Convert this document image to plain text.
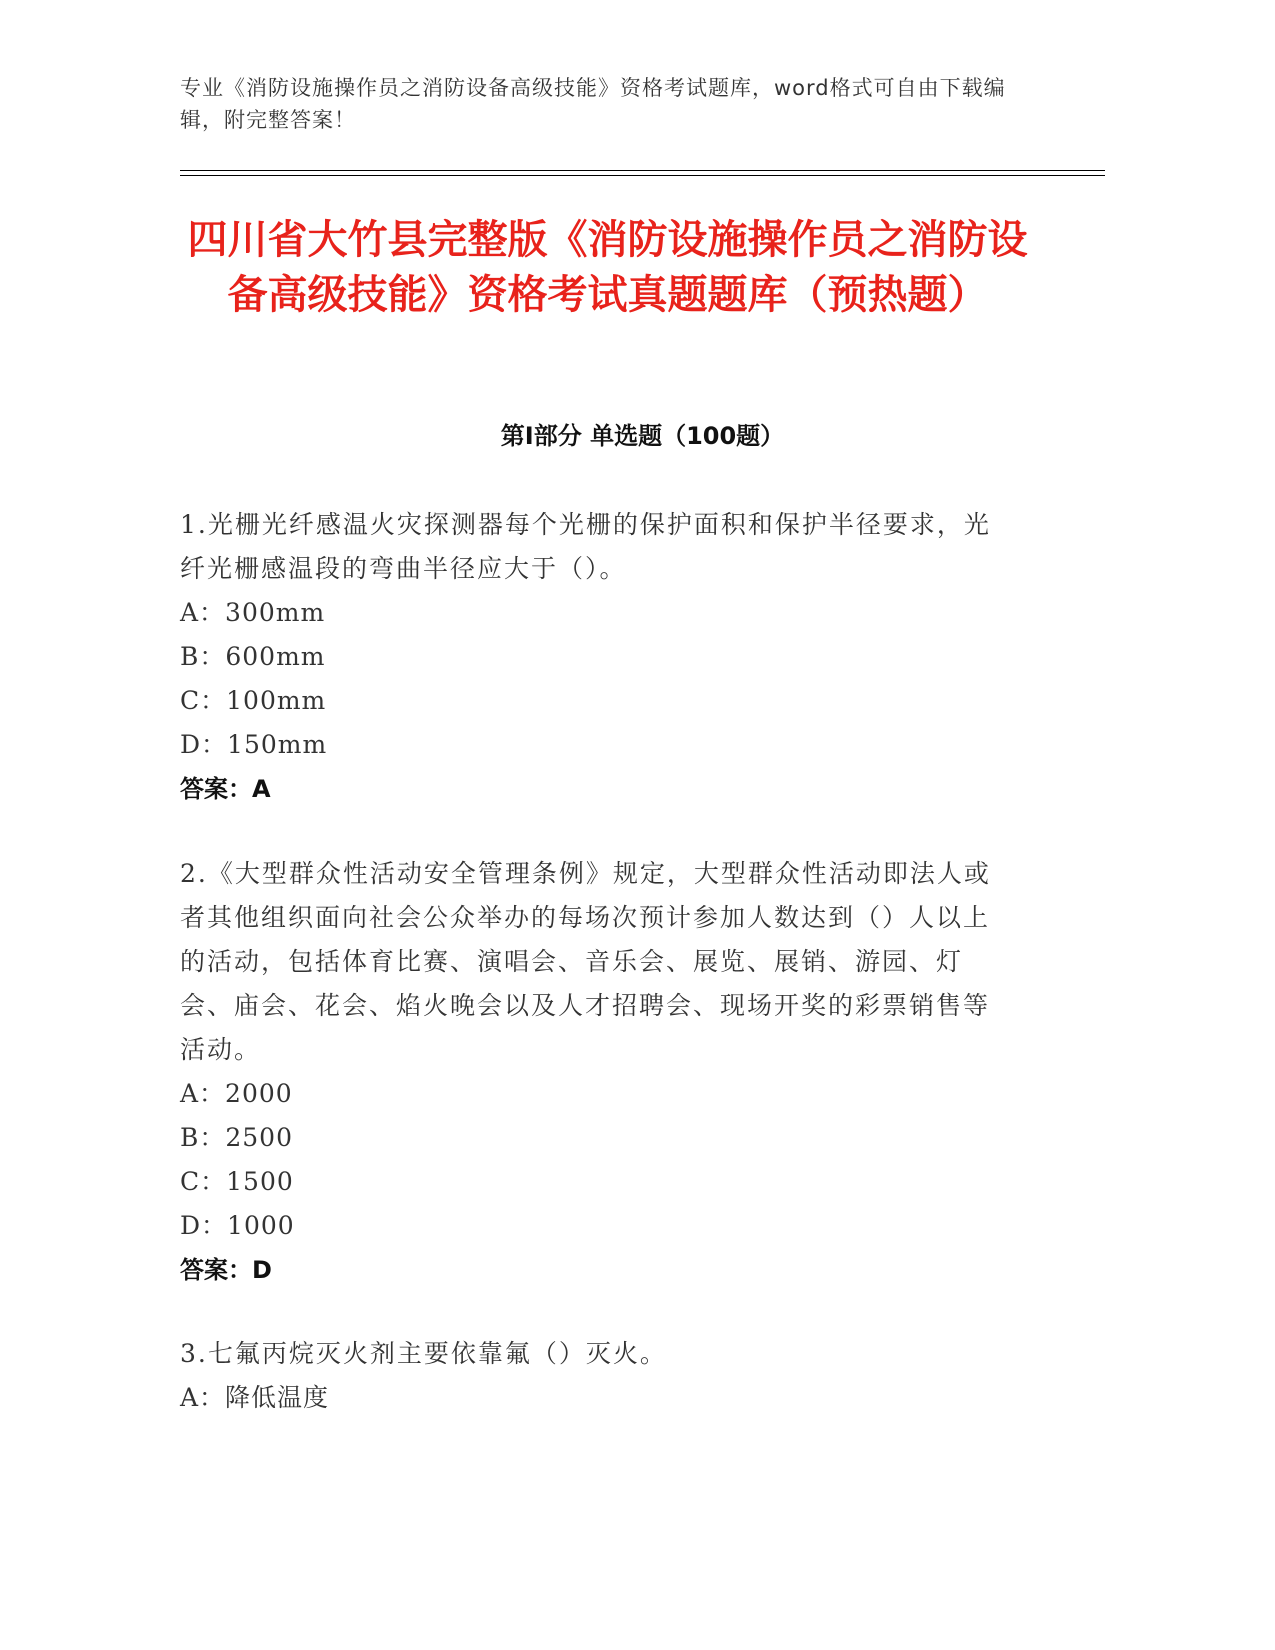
专业《消防设施操作员之消防设备高级技能》资格考试题库，word格式可自由下载编辑，附完整答案！
四川省大竹县完整版《消防设施操作员之消防设备高级技能》资格考试真题题库（预热题）
第I部分 单选题（100题）
1.光栅光纤感温火灾探测器每个光栅的保护面积和保护半径要求，光纤光栅感温段的弯曲半径应大于（）。
A：300mm
B：600mm
C：100mm
D：150mm
答案：A
2.《大型群众性活动安全管理条例》规定，大型群众性活动即法人或者其他组织面向社会公众举办的每场次预计参加人数达到（）人以上的活动，包括体育比赛、演唱会、音乐会、展览、展销、游园、灯会、庙会、花会、焰火晚会以及人才招聘会、现场开奖的彩票销售等活动。
A：2000
B：2500
C：1500
D：1000
答案：D
3.七氟丙烷灭火剂主要依靠氟（）灭火。
A：降低温度
